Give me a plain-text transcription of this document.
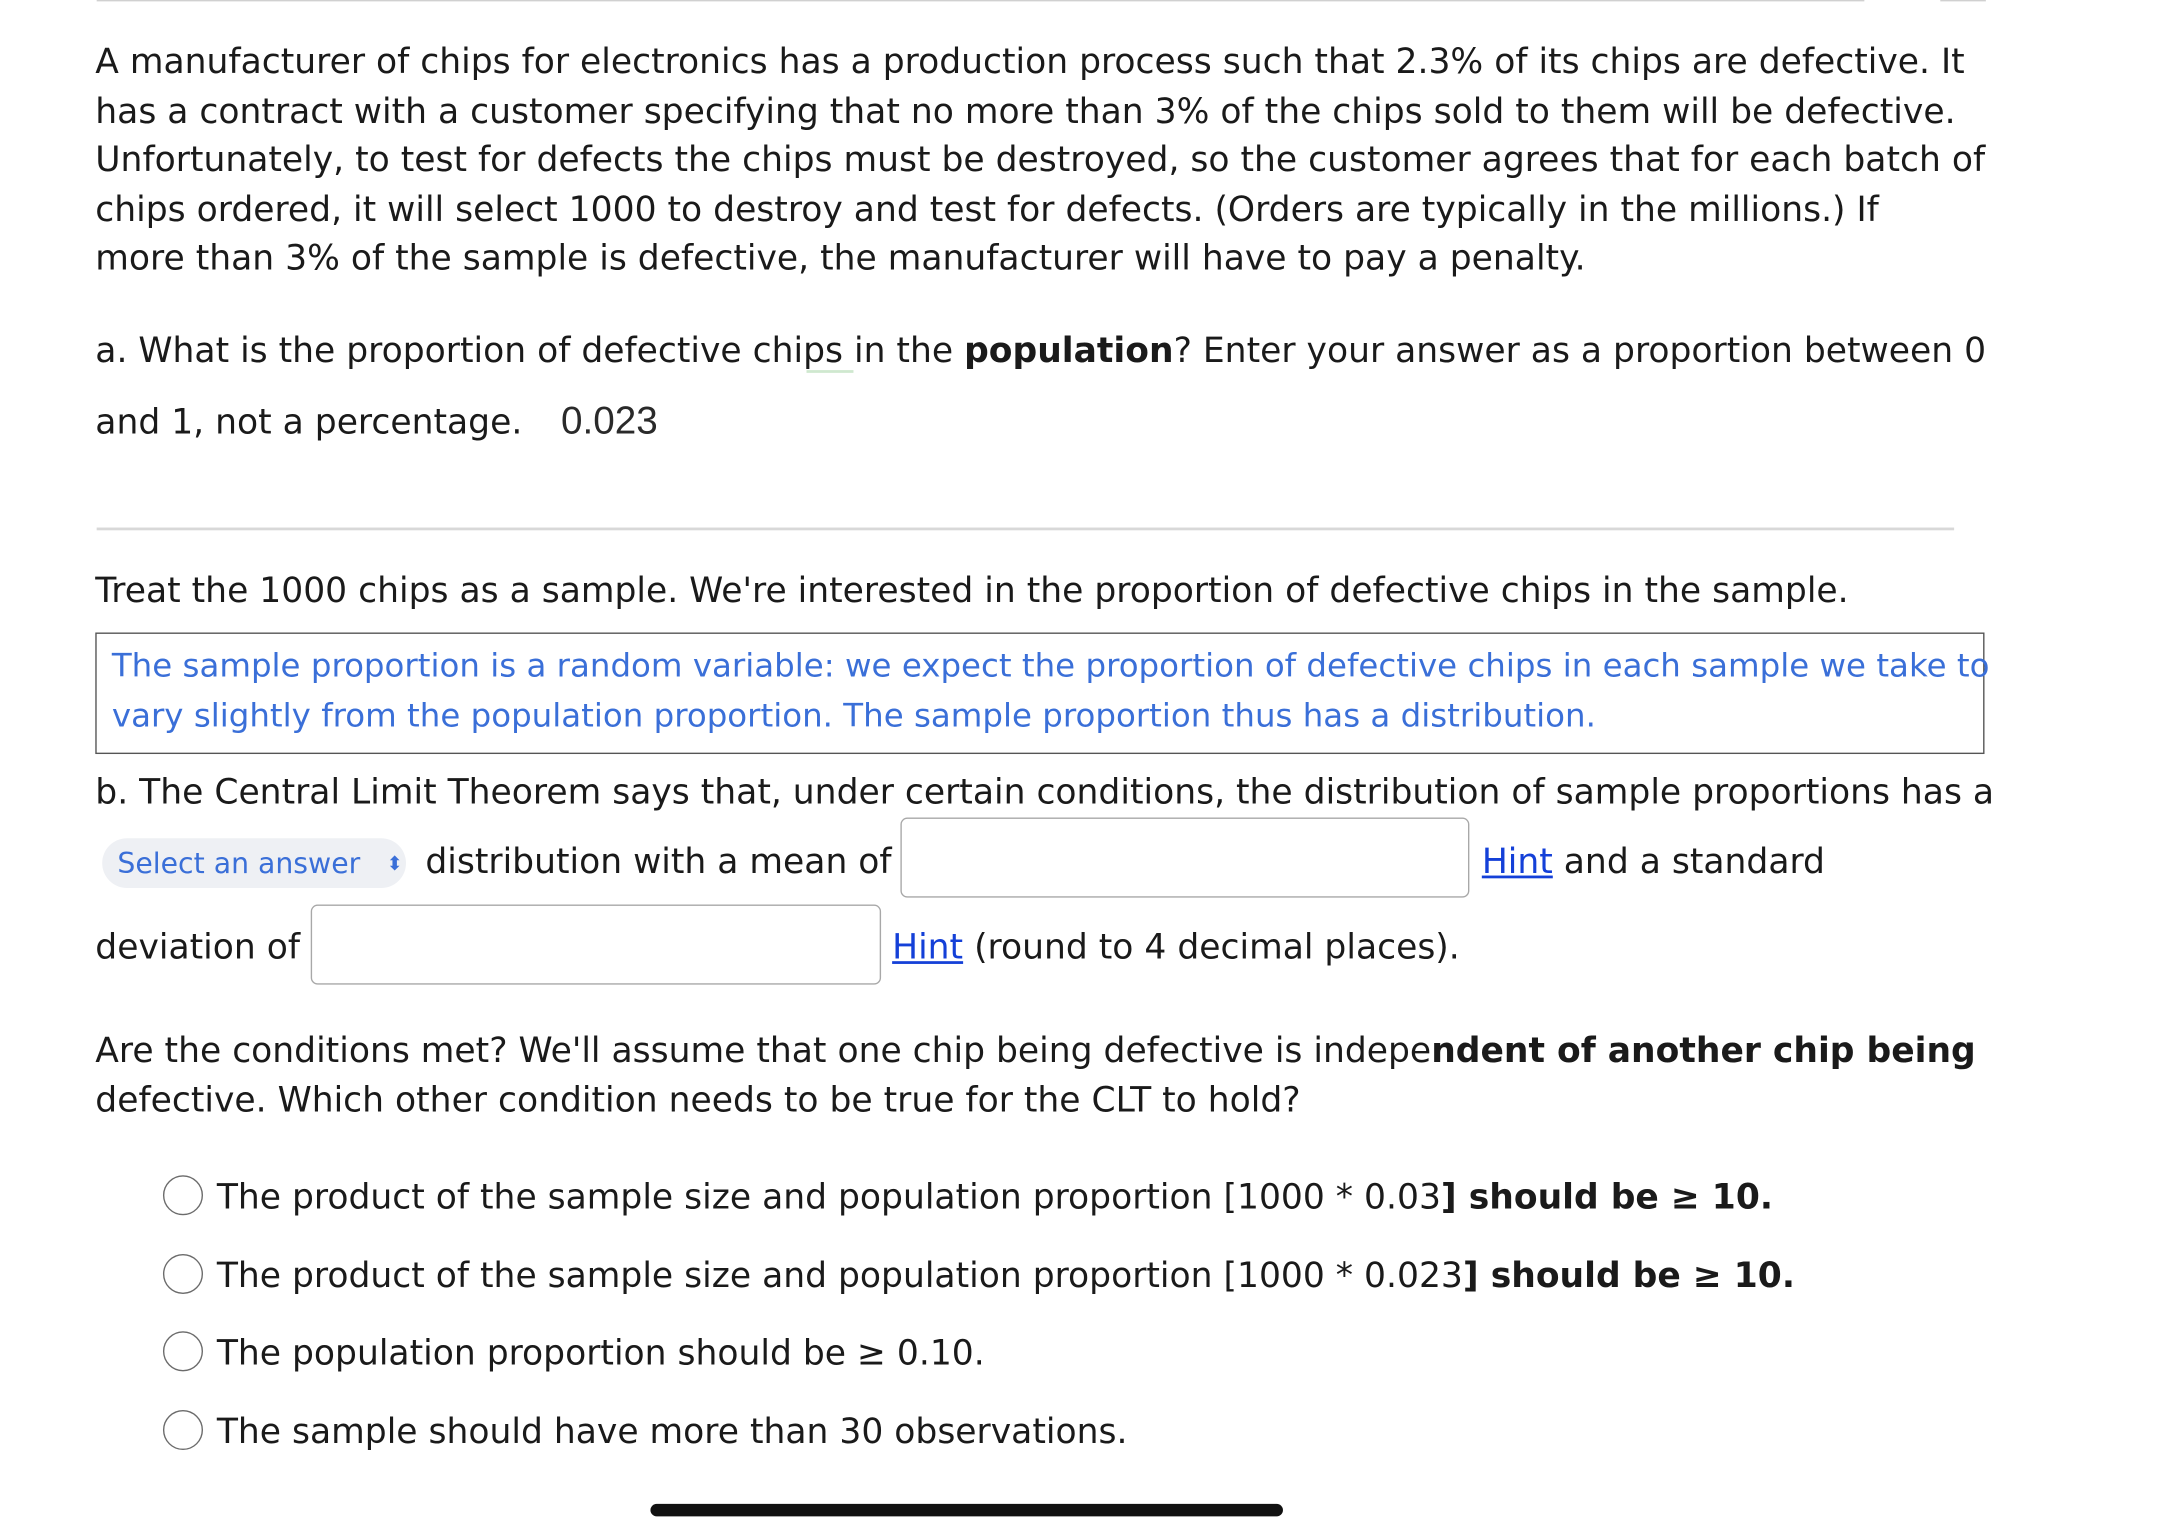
A manufacturer of chips for electronics has a production process such that 2.3% of its chips are defective. It
has a contract with a customer specifying that no more than 3% of the chips sold to them will be defective.
Unfortunately, to test for defects the chips must be destroyed, so the customer agrees that for each batch of
chips ordered, it will select 1000 to destroy and test for defects. (Orders are typically in the millions.) If
more than 3% of the sample is defective, the manufacturer will have to pay a penalty.
a. What is the proportion of defective chips in the population? Enter your answer as a proportion between 0
and 1, not a percentage. 0.023
Treat the 1000 chips as a sample. We're interested in the proportion of defective chips in the sample.
The sample proportion is a random variable: we expect the proportion of defective chips in each sample we take to
vary slightly from the population proportion. The sample proportion thus has a distribution.
b. The Central Limit Theorem says that, under certain conditions, the distribution of sample proportions has a
Select an answer ⬍ distribution with a mean of	Hint and a standard
deviation of	Hint (round to 4 decimal places).
Are the conditions met? We'll assume that one chip being defective is independent of another chip being
defective. Which other condition needs to be true for the CLT to hold?
The product of the sample size and population proportion [1000 * 0.03] should be ≥ 10.
The product of the sample size and population proportion [1000 * 0.023] should be ≥ 10.
The population proportion should be ≥ 0.10.
The sample should have more than 30 observations.
